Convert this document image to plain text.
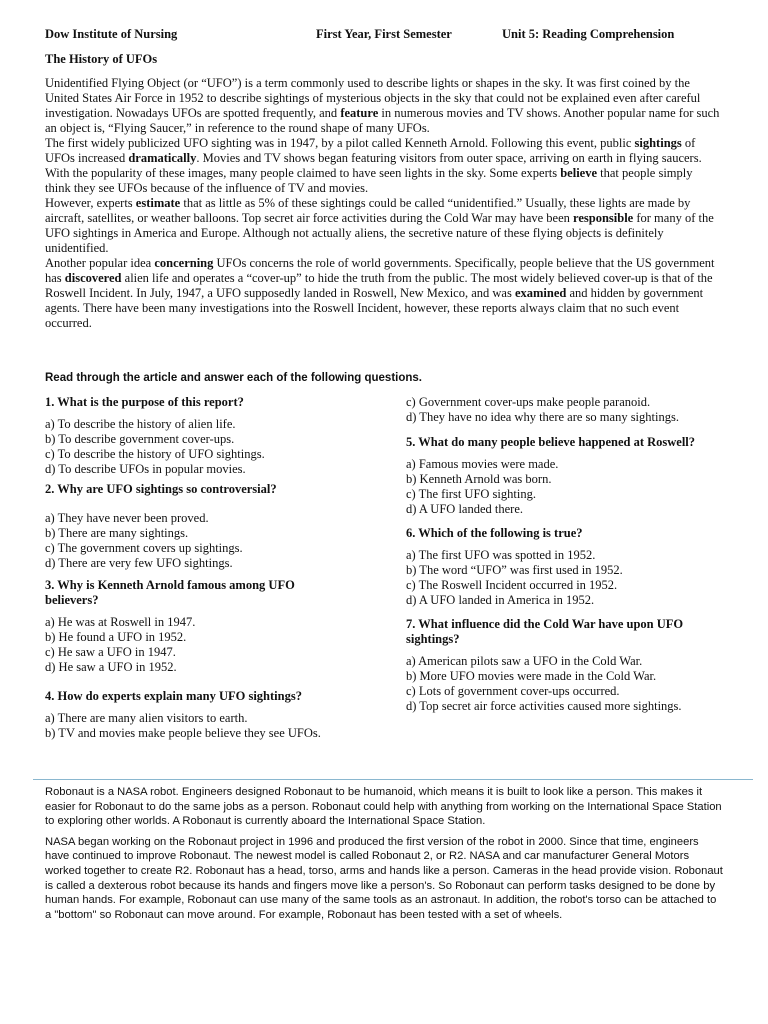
Dow Institute of Nursing	First Year, First Semester	Unit 5: Reading Comprehension
The History of UFOs

Unidentified Flying Object (or “UFO”) is a term commonly used to describe lights or shapes in the sky. It was first coined by the United States Air Force in 1952 to describe sightings of mysterious objects in the sky that could not be explained even after careful investigation. Nowadays UFOs are spotted frequently, and feature in numerous movies and TV shows. Another popular name for such an object is, “Flying Saucer,” in reference to the round shape of many UFOs.

The first widely publicized UFO sighting was in 1947, by a pilot called Kenneth Arnold. Following this event, public sightings of UFOs increased dramatically. Movies and TV shows began featuring visitors from outer space, arriving on earth in flying saucers. With the popularity of these images, many people claimed to have seen lights in the sky. Some experts believe that people simply think they see UFOs because of the influence of TV and movies.

However, experts estimate that as little as 5% of these sightings could be called “unidentified.” Usually, these lights are made by aircraft, satellites, or weather balloons. Top secret air force activities during the Cold War may have been responsible for many of the UFO sightings in America and Europe. Although not actually aliens, the secretive nature of these flying objects is definitely unidentified.

Another popular idea concerning UFOs concerns the role of world governments. Specifically, people believe that the US government has discovered alien life and operates a “cover-up” to hide the truth from the public. The most widely believed cover-up is that of the Roswell Incident. In July, 1947, a UFO supposedly landed in Roswell, New Mexico, and was examined and hidden by government agents. There have been many investigations into the Roswell Incident, however, these reports always claim that no such event occurred.

Read through the article and answer each of the following questions.
1. What is the purpose of this report?
a) To describe the history of alien life.
b) To describe government cover-ups.
c) To describe the history of UFO sightings.
d) To describe UFOs in popular movies.
2. Why are UFO sightings so controversial?
a) They have never been proved.
b) There are many sightings.
c) The government covers up sightings.
d) There are very few UFO sightings.
3. Why is Kenneth Arnold famous among UFO believers?
a) He was at Roswell in 1947.
b) He found a UFO in 1952.
c) He saw a UFO in 1947.
d) He saw a UFO in 1952.
4. How do experts explain many UFO sightings?
a) There are many alien visitors to earth.
b) TV and movies make people believe they see UFOs.
c) Government cover-ups make people paranoid.
d) They have no idea why there are so many sightings.
5. What do many people believe happened at Roswell?
a) Famous movies were made.
b) Kenneth Arnold was born.
c) The first UFO sighting.
d) A UFO landed there.
6. Which of the following is true?
a) The first UFO was spotted in 1952.
b) The word “UFO” was first used in 1952.
c) The Roswell Incident occurred in 1952.
d) A UFO landed in America in 1952.
7. What influence did the Cold War have upon UFO sightings?
a) American pilots saw a UFO in the Cold War.
b) More UFO movies were made in the Cold War.
c) Lots of government cover-ups occurred.
d) Top secret air force activities caused more sightings.

Robonaut is a NASA robot. Engineers designed Robonaut to be humanoid, which means it is built to look like a person. This makes it easier for Robonaut to do the same jobs as a person. Robonaut could help with anything from working on the International Space Station to exploring other worlds. A Robonaut is currently aboard the International Space Station.

NASA began working on the Robonaut project in 1996 and produced the first version of the robot in 2000. Since that time, engineers have continued to improve Robonaut. The newest model is called Robonaut 2, or R2. NASA and car manufacturer General Motors worked together to create R2. Robonaut has a head, torso, arms and hands like a person. Cameras in the head provide vision. Robonaut is called a dexterous robot because its hands and fingers move like a person's. So Robonaut can perform tasks designed to be done by human hands. For example, Robonaut can use many of the same tools as an astronaut. In addition, the robot's torso can be attached to a "bottom" so Robonaut can move around. For example, Robonaut has been tested with a set of wheels.
